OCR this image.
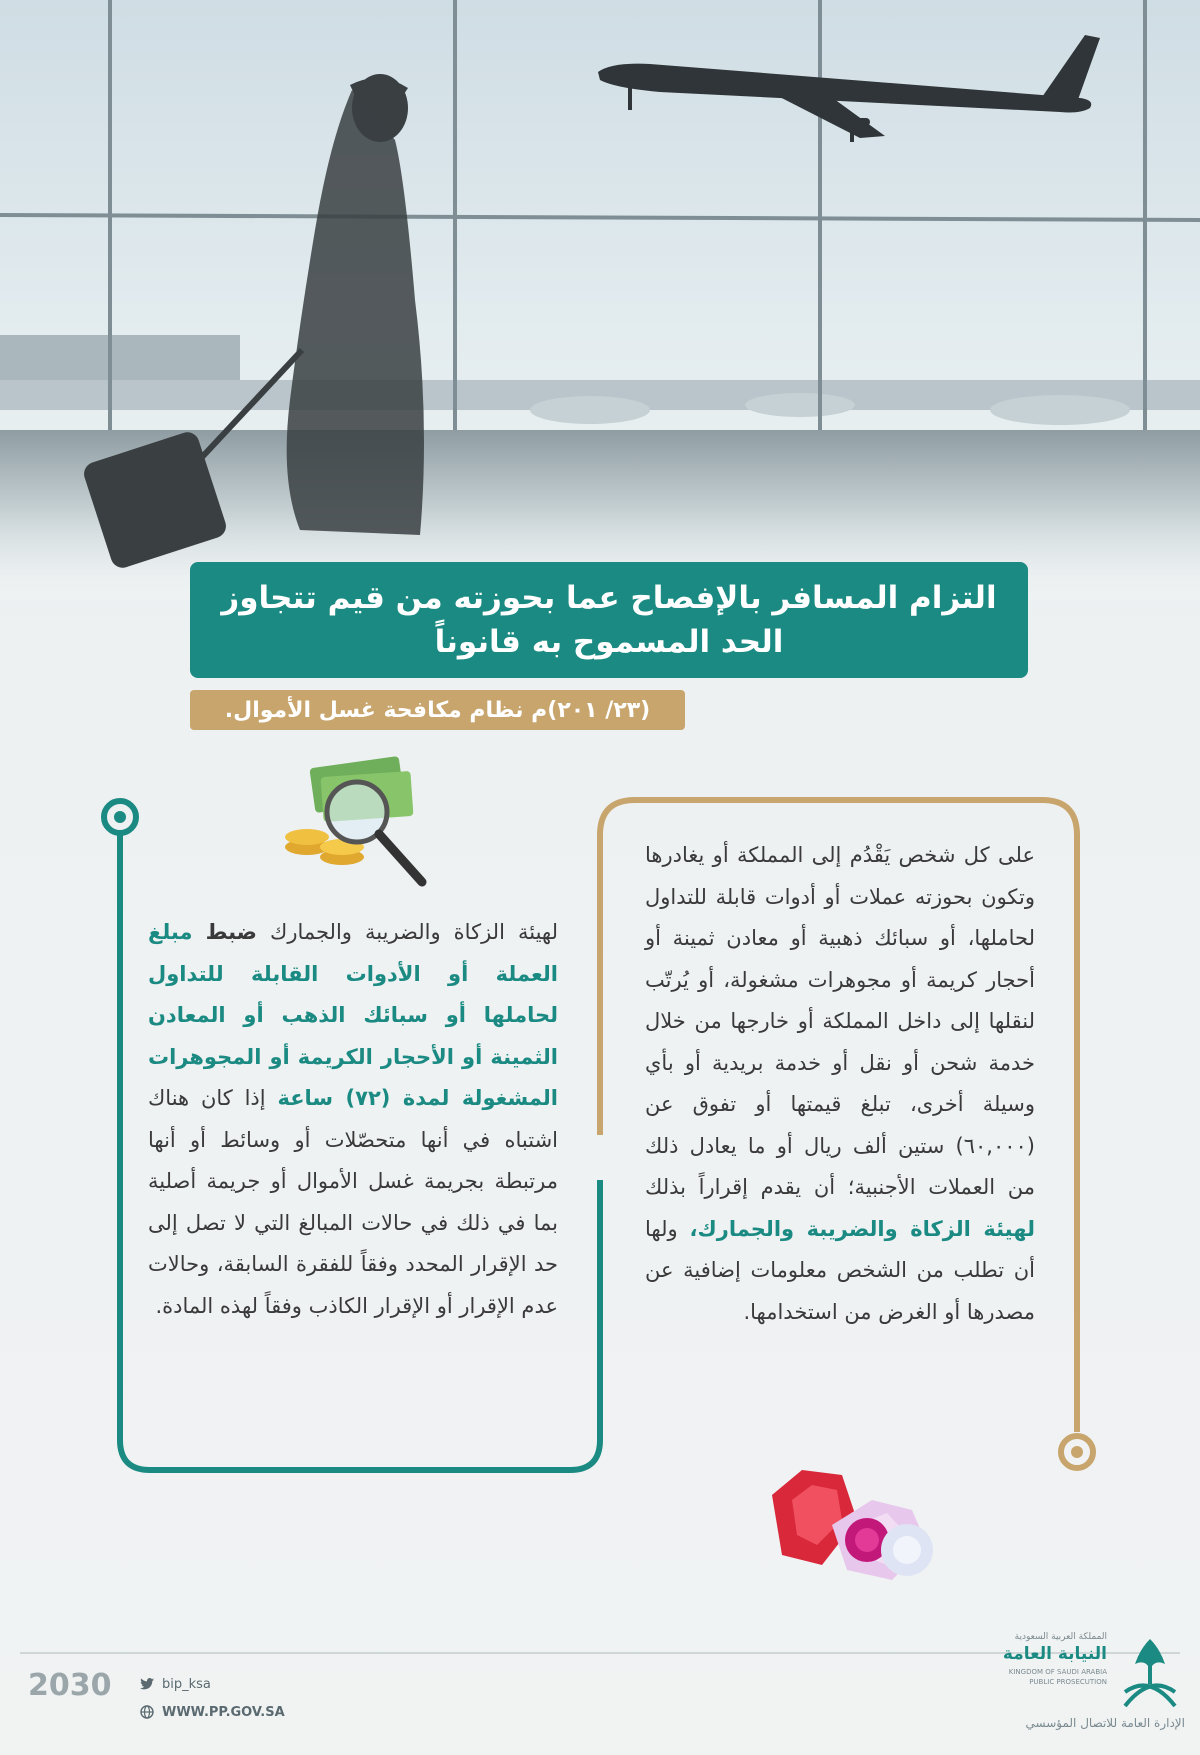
التزام المسافر بالإفصاح عما بحوزته من قيم تتجاوز الحد المسموح به قانوناً
(٢٣/ ٢٠١)م نظام مكافحة غسل الأموال.
لهيئة الزكاة والضريبة والجمارك ضبط مبلغ العملة أو الأدوات القابلة للتداول لحاملها أو سبائك الذهب أو المعادن الثمينة أو الأحجار الكريمة أو المجوهرات المشغولة لمدة (٧٢) ساعة إذا كان هناك اشتباه في أنها متحصّلات أو وسائط أو أنها مرتبطة بجريمة غسل الأموال أو جريمة أصلية بما في ذلك في حالات المبالغ التي لا تصل إلى حد الإقرار المحدد وفقاً للفقرة السابقة، وحالات عدم الإقرار أو الإقرار الكاذب وفقاً لهذه المادة.
على كل شخص يَقْدُم إلى المملكة أو يغادرها وتكون بحوزته عملات أو أدوات قابلة للتداول لحاملها، أو سبائك ذهبية أو معادن ثمينة أو أحجار كريمة أو مجوهرات مشغولة، أو يُرتّب لنقلها إلى داخل المملكة أو خارجها من خلال خدمة شحن أو نقل أو خدمة بريدية أو بأي وسيلة أخرى، تبلغ قيمتها أو تفوق عن (٦٠,٠٠٠) ستين ألف ريال أو ما يعادل ذلك من العملات الأجنبية؛ أن يقدم إقراراً بذلك لهيئة الزكاة والضريبة والجمارك، ولها أن تطلب من الشخص معلومات إضافية عن مصدرها أو الغرض من استخدامها.
2030	bip_ksa
WWW.PP.GOV.SA
المملكة العربية السعودية
النيابة العامة
KINGDOM OF SAUDI ARABIA
PUBLIC PROSECUTION
الإدارة العامة للاتصال المؤسسي
